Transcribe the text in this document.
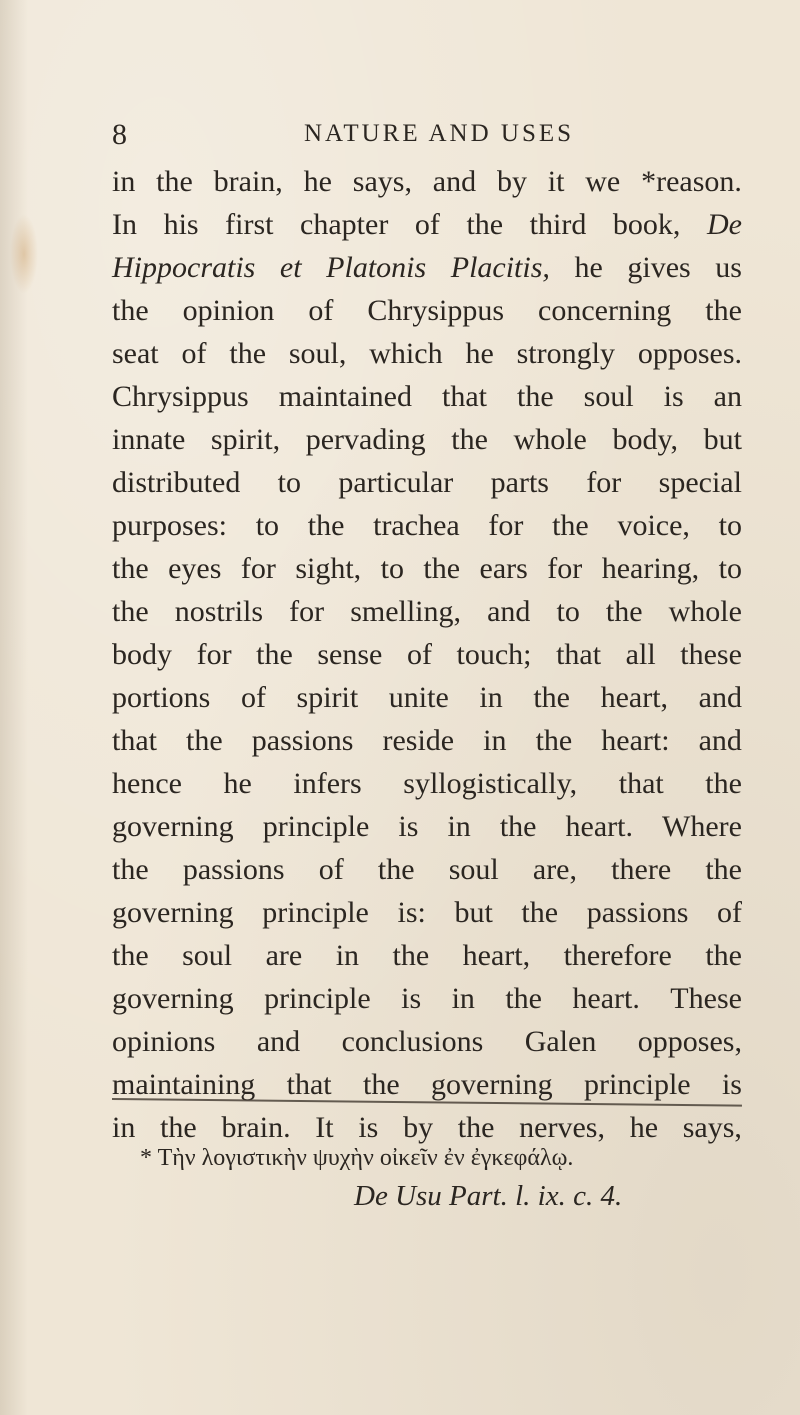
8	NATURE AND USES
in the brain, he says, and by it we *reason.
In his first chapter of the third book, De
Hippocratis et Platonis Placitis, he gives us
the opinion of Chrysippus concerning the
seat of the soul, which he strongly opposes.
Chrysippus maintained that the soul is an
innate spirit, pervading the whole body, but
distributed to particular parts for special
purposes: to the trachea for the voice, to
the eyes for sight, to the ears for hearing, to
the nostrils for smelling, and to the whole
body for the sense of touch; that all these
portions of spirit unite in the heart, and
that the passions reside in the heart: and
hence he infers syllogistically, that the
governing principle is in the heart. Where
the passions of the soul are, there the
governing principle is: but the passions of
the soul are in the heart, therefore the
governing principle is in the heart. These
opinions and conclusions Galen opposes,
maintaining that the governing principle is
in the brain. It is by the nerves, he says,
* Τὴν λογιστικὴν ψυχὴν οἰκεῖν ἐν ἐγκεφάλῳ.
De Usu Part. l. ix. c. 4.
